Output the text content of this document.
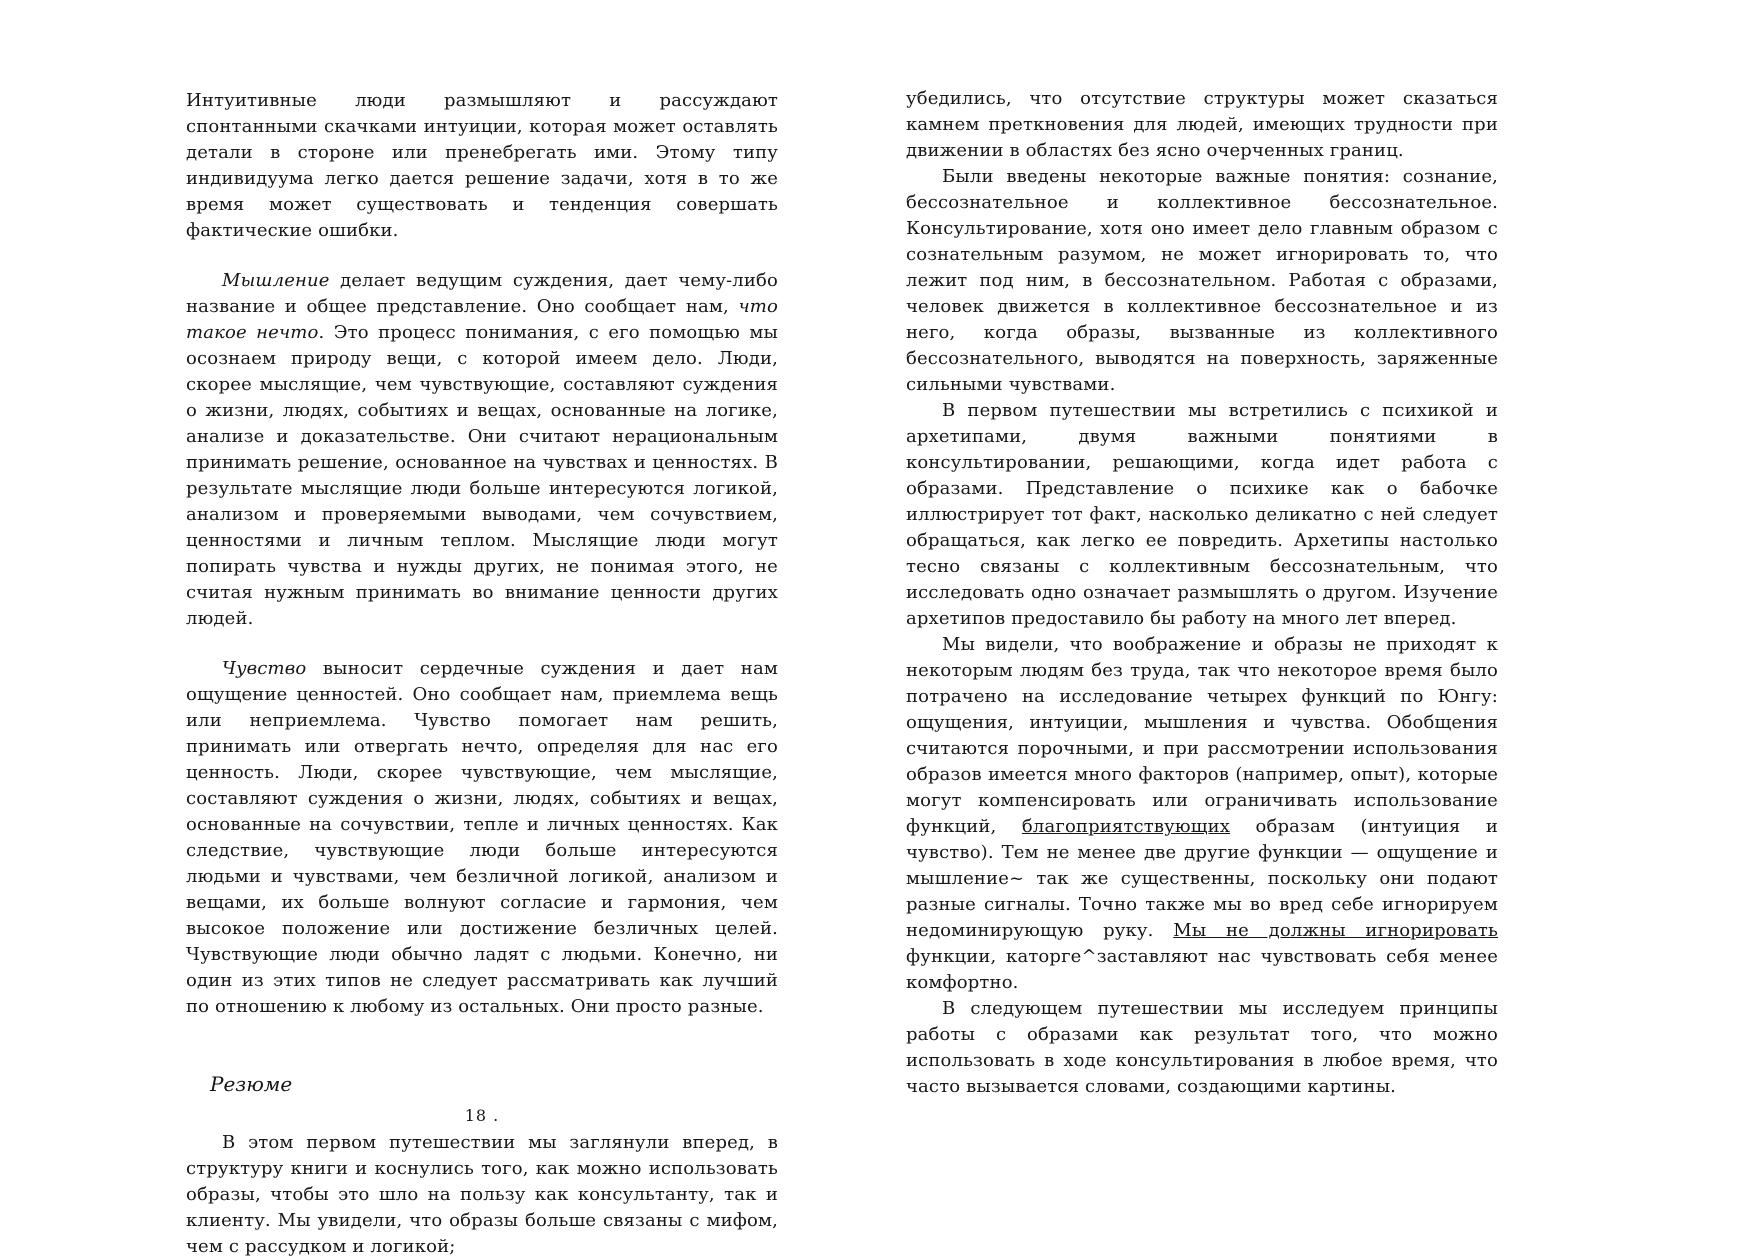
Интуитивные люди размышляют и рассуждают спонтанными скачками интуиции, которая может оставлять детали в стороне или пренебрегать ими. Этому типу индивидуума легко дается решение задачи, хотя в то же время может существовать и тенденция совершать фактические ошибки.

Мышление делает ведущим суждения, дает чему-либо название и общее представление. Оно сообщает нам, что такое нечто. Это процесс понимания, с его помощью мы осознаем природу вещи, с которой имеем дело. Люди, скорее мыслящие, чем чувствующие, составляют суждения о жизни, людях, событиях и вещах, основанные на логике, анализе и доказательстве. Они считают нерациональным принимать решение, основанное на чувствах и ценностях. В результате мыслящие люди больше интересуются логикой, анализом и проверяемыми выводами, чем сочувствием, ценностями и личным теплом. Мыслящие люди могут попирать чувства и нужды других, не понимая этого, не считая нужным принимать во внимание ценности других людей.

Чувство выносит сердечные суждения и дает нам ощущение ценностей. Оно сообщает нам, приемлема вещь или неприемлема. Чувство помогает нам решить, принимать или отвергать нечто, определяя для нас его ценность. Люди, скорее чувствующие, чем мыслящие, составляют суждения о жизни, людях, событиях и вещах, основанные на сочувствии, тепле и личных ценностях. Как следствие, чувствующие люди больше интересуются людьми и чувствами, чем безличной логикой, анализом и вещами, их больше волнуют согласие и гармония, чем высокое положение или достижение безличных целей. Чувствующие люди обычно ладят с людьми. Конечно, ни один из этих типов не следует рассматривать как лучший по отношению к любому из остальных. Они просто разные.

Резюме

В этом первом путешествии мы заглянули вперед, в структуру книги и коснулись того, как можно использовать образы, чтобы это шло на пользу как консультанту, так и клиенту. Мы увидели, что образы больше связаны с мифом, чем с рассудком и логикой;

убедились, что отсутствие структуры может сказаться камнем преткновения для людей, имеющих трудности при движении в областях без ясно очерченных границ.

Были введены некоторые важные понятия: сознание, бессознательное и коллективное бессознательное. Консультирование, хотя оно имеет дело главным образом с сознательным разумом, не может игнорировать то, что лежит под ним, в бессознательном. Работая с образами, человек движется в коллективное бессознательное и из него, когда образы, вызванные из коллективного бессознательного, выводятся на поверхность, заряженные сильными чувствами.

В первом путешествии мы встретились с психикой и архетипами, двумя важными понятиями в консультировании, решающими, когда идет работа с образами. Представление о психике как о бабочке иллюстрирует тот факт, насколько деликатно с ней следует обращаться, как легко ее повредить. Архетипы настолько тесно связаны с коллективным бессознательным, что исследовать одно означает размышлять о другом. Изучение архетипов предоставило бы работу на много лет вперед.

Мы видели, что воображение и образы не приходят к некоторым людям без труда, так что некоторое время было потрачено на исследование четырех функций по Юнгу: ощущения, интуиции, мышления и чувства. Обобщения считаются порочными, и при рассмотрении использования образов имеется много факторов (например, опыт), которые могут компенсировать или ограничивать использование функций, благоприятствующих образам (интуиция и чувство). Тем не менее две другие функции — ощущение и мышление~ так же существенны, поскольку они подают разные сигналы. Точно также мы во вред себе игнорируем недоминирующую руку. Мы не должны игнорировать функции, каторге^заставляют нас чувствовать себя менее комфортно.

В следующем путешествии мы исследуем принципы работы с образами как результат того, что можно использовать в ходе консультирования в любое время, что часто вызывается словами, создающими картины.

18 .
